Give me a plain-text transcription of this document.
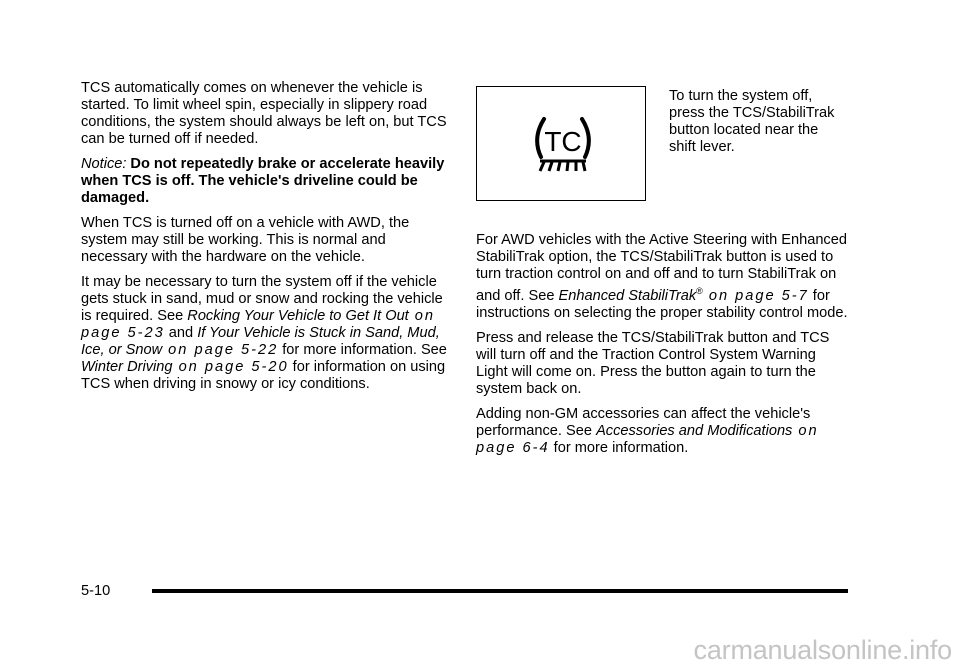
TCS automatically comes on whenever the vehicle is started. To limit wheel spin, especially in slippery road conditions, the system should always be left on, but TCS can be turned off if needed.

Notice: Do not repeatedly brake or accelerate heavily when TCS is off. The vehicle's driveline could be damaged.

When TCS is turned off on a vehicle with AWD, the system may still be working. This is normal and necessary with the hardware on the vehicle.

It may be necessary to turn the system off if the vehicle gets stuck in sand, mud or snow and rocking the vehicle is required. See Rocking Your Vehicle to Get It Out on page 5‑23 and If Your Vehicle is Stuck in Sand, Mud, Ice, or Snow on page 5‑22 for more information. See Winter Driving on page 5‑20 for information on using TCS when driving in snowy or icy conditions.

TC
To turn the system off, press the TCS/StabiliTrak button located near the shift lever.

For AWD vehicles with the Active Steering with Enhanced StabiliTrak option, the TCS/StabiliTrak button is used to turn traction control on and off and to turn StabiliTrak on and off. See Enhanced StabiliTrak® on page 5‑7 for instructions on selecting the proper stability control mode.

Press and release the TCS/StabiliTrak button and TCS will turn off and the Traction Control System Warning Light will come on. Press the button again to turn the system back on.

Adding non-GM accessories can affect the vehicle's performance. See Accessories and Modifications on page 6‑4 for more information.

5-10
carmanualsonline.info
